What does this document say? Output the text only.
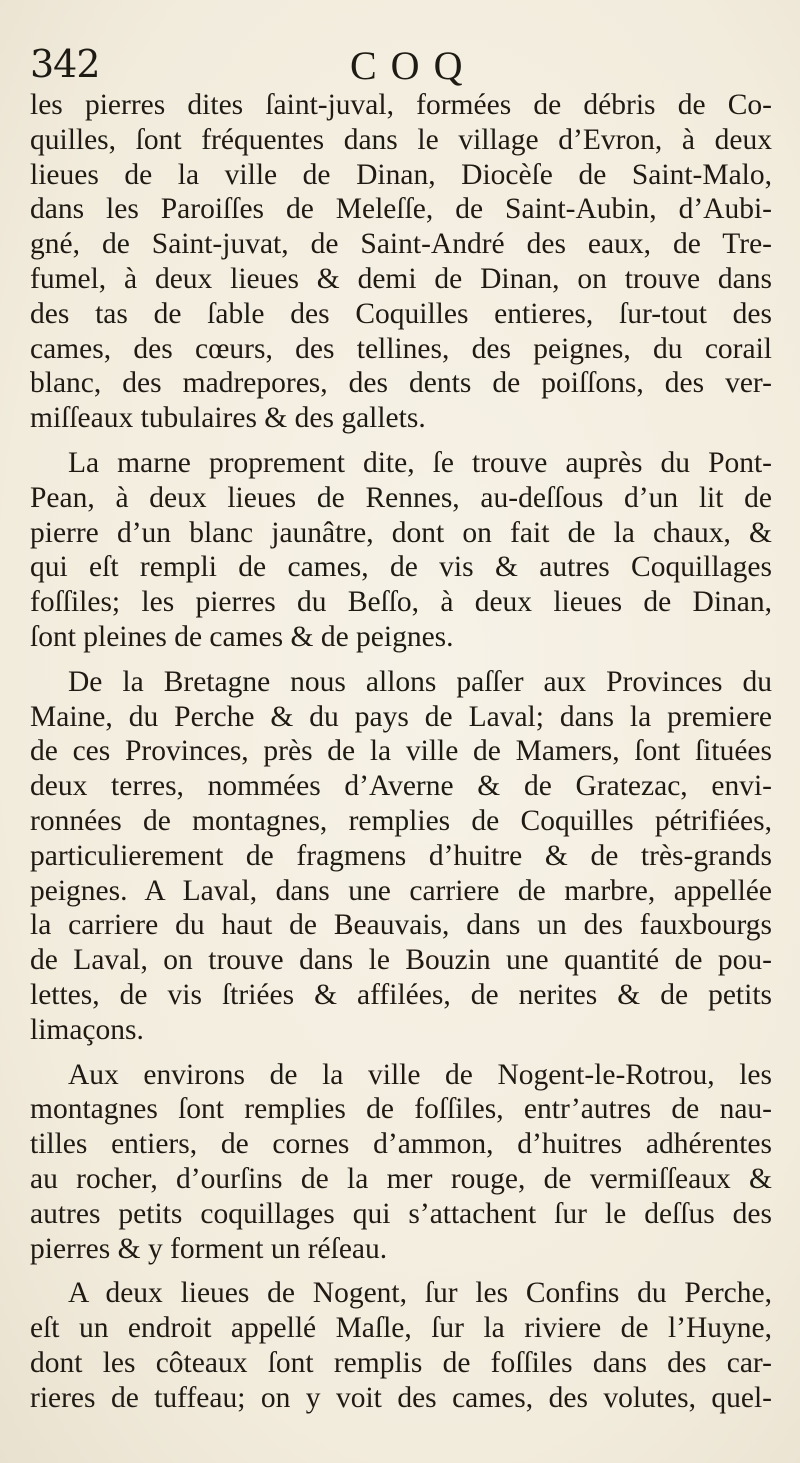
342	COQ
les pierres dites ſaint-juval, formées de débris de Co-
quilles, ſont fréquentes dans le village d’Evron, à deux
lieues de la ville de Dinan, Diocèſe de Saint-Malo,
dans les Paroiſſes de Meleſſe, de Saint-Aubin, d’Aubi-
gné, de Saint-juvat, de Saint-André des eaux, de Tre-
fumel, à deux lieues & demi de Dinan, on trouve dans
des tas de ſable des Coquilles entieres, ſur-tout des
cames, des cœurs, des tellines, des peignes, du corail
blanc, des madrepores, des dents de poiſſons, des ver-
miſſeaux tubulaires & des gallets.
La marne proprement dite, ſe trouve auprès du Pont-
Pean, à deux lieues de Rennes, au-deſſous d’un lit de
pierre d’un blanc jaunâtre, dont on fait de la chaux, &
qui eſt rempli de cames, de vis & autres Coquillages
foſſiles; les pierres du Beſſo, à deux lieues de Dinan,
ſont pleines de cames & de peignes.
De la Bretagne nous allons paſſer aux Provinces du
Maine, du Perche & du pays de Laval; dans la premiere
de ces Provinces, près de la ville de Mamers, ſont ſituées
deux terres, nommées d’Averne & de Gratezac, envi-
ronnées de montagnes, remplies de Coquilles pétrifiées,
particulierement de fragmens d’huitre & de très-grands
peignes. A Laval, dans une carriere de marbre, appellée
la carriere du haut de Beauvais, dans un des fauxbourgs
de Laval, on trouve dans le Bouzin une quantité de pou-
lettes, de vis ſtriées & affilées, de nerites & de petits
limaçons.
Aux environs de la ville de Nogent-le-Rotrou, les
montagnes ſont remplies de foſſiles, entr’autres de nau-
tilles entiers, de cornes d’ammon, d’huitres adhérentes
au rocher, d’ourſins de la mer rouge, de vermiſſeaux &
autres petits coquillages qui s’attachent ſur le deſſus des
pierres & y forment un réſeau.
A deux lieues de Nogent, ſur les Confins du Perche,
eſt un endroit appellé Maſle, ſur la riviere de l’Huyne,
dont les côteaux ſont remplis de foſſiles dans des car-
rieres de tuffeau; on y voit des cames, des volutes, quel-
